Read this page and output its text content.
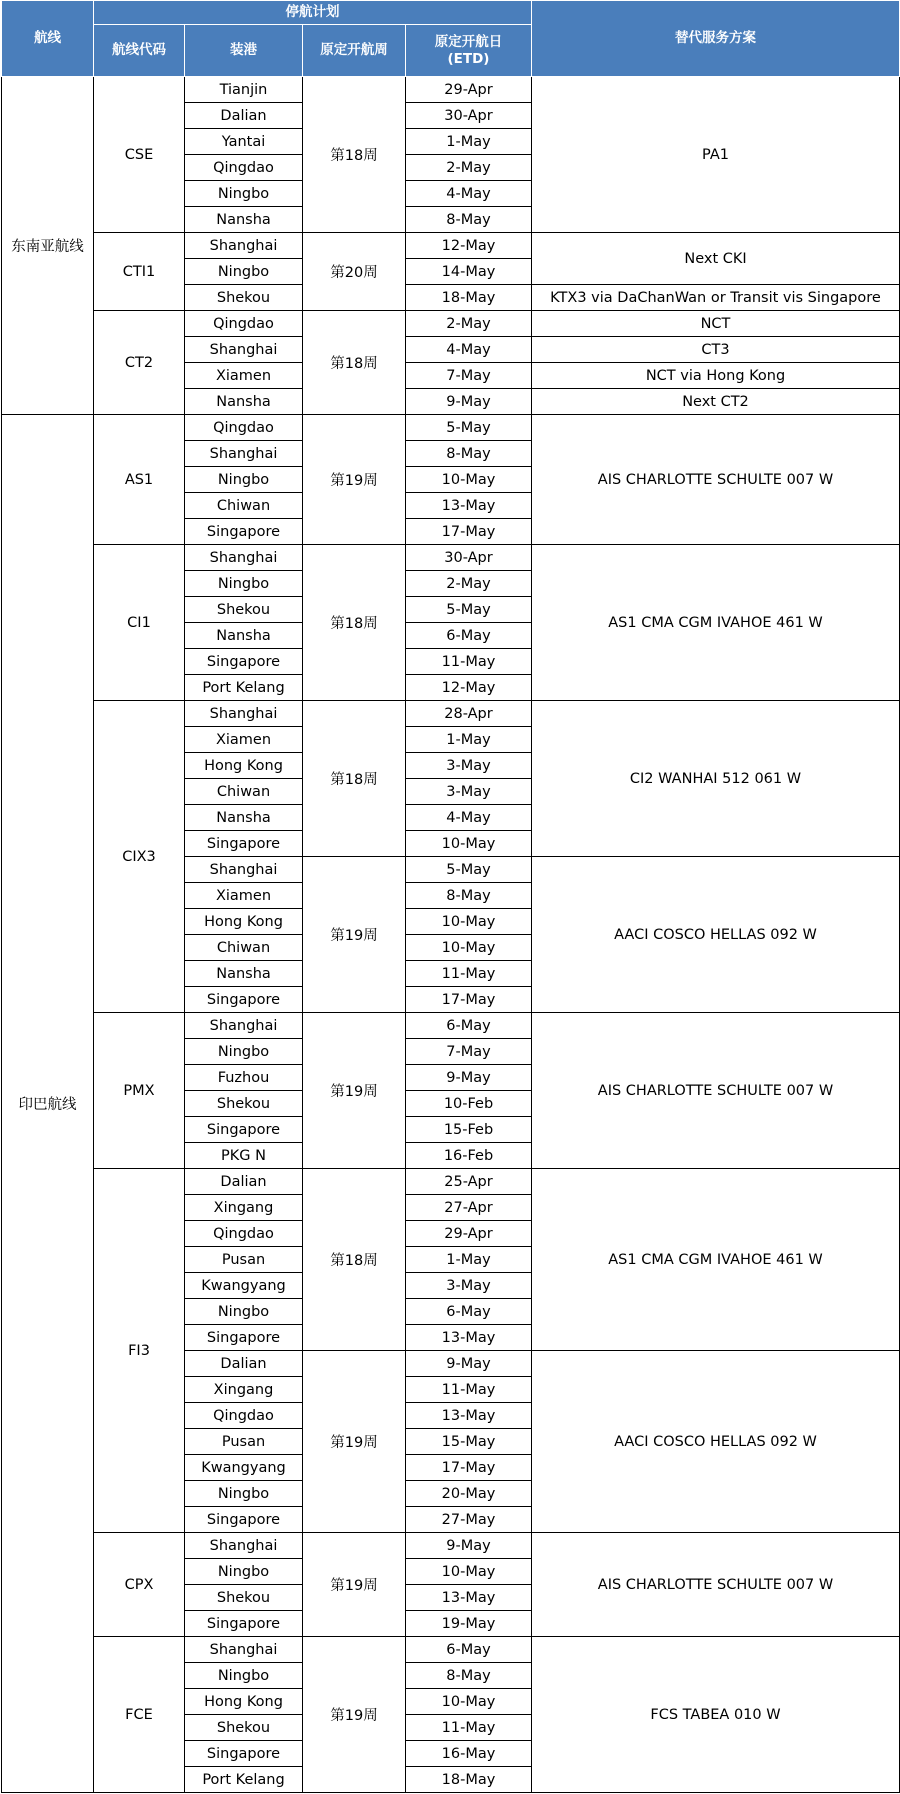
航线	停航计划				替代服务方案
	航线代码	装港	原定开航周	原定开航日
(ETD)	
东南亚航线	CSE	Tianjin	第18周	29-Apr	PA1
		Dalian		30-Apr	
		Yantai		1-May	
		Qingdao		2-May	
		Ningbo		4-May	
		Nansha		8-May	
	CTI1	Shanghai	第20周	12-May	Next CKI
		Ningbo		14-May	
		Shekou		18-May	KTX3 via DaChanWan or Transit vis Singapore
	CT2	Qingdao	第18周	2-May	NCT
		Shanghai		4-May	CT3
		Xiamen		7-May	NCT via Hong Kong
		Nansha		9-May	Next CT2
印巴航线	AS1	Qingdao	第19周	5-May	AIS CHARLOTTE SCHULTE 007 W
		Shanghai		8-May	
		Ningbo		10-May	
		Chiwan		13-May	
		Singapore		17-May	
	CI1	Shanghai	第18周	30-Apr	AS1 CMA CGM IVAHOE 461 W
		Ningbo		2-May	
		Shekou		5-May	
		Nansha		6-May	
		Singapore		11-May	
		Port Kelang		12-May	
	CIX3	Shanghai	第18周	28-Apr	CI2 WANHAI 512 061 W
		Xiamen		1-May	
		Hong Kong		3-May	
		Chiwan		3-May	
		Nansha		4-May	
		Singapore		10-May	
		Shanghai	第19周	5-May	AACI COSCO HELLAS 092 W
		Xiamen		8-May	
		Hong Kong		10-May	
		Chiwan		10-May	
		Nansha		11-May	
		Singapore		17-May	
	PMX	Shanghai	第19周	6-May	AIS CHARLOTTE SCHULTE 007 W
		Ningbo		7-May	
		Fuzhou		9-May	
		Shekou		10-Feb	
		Singapore		15-Feb	
		PKG N		16-Feb	
	FI3	Dalian	第18周	25-Apr	AS1 CMA CGM IVAHOE 461 W
		Xingang		27-Apr	
		Qingdao		29-Apr	
		Pusan		1-May	
		Kwangyang		3-May	
		Ningbo		6-May	
		Singapore		13-May	
		Dalian	第19周	9-May	AACI COSCO HELLAS 092 W
		Xingang		11-May	
		Qingdao		13-May	
		Pusan		15-May	
		Kwangyang		17-May	
		Ningbo		20-May	
		Singapore		27-May	
	CPX	Shanghai	第19周	9-May	AIS CHARLOTTE SCHULTE 007 W
		Ningbo		10-May	
		Shekou		13-May	
		Singapore		19-May	
	FCE	Shanghai	第19周	6-May	FCS TABEA 010 W
		Ningbo		8-May	
		Hong Kong		10-May	
		Shekou		11-May	
		Singapore		16-May	
		Port Kelang		18-May	
